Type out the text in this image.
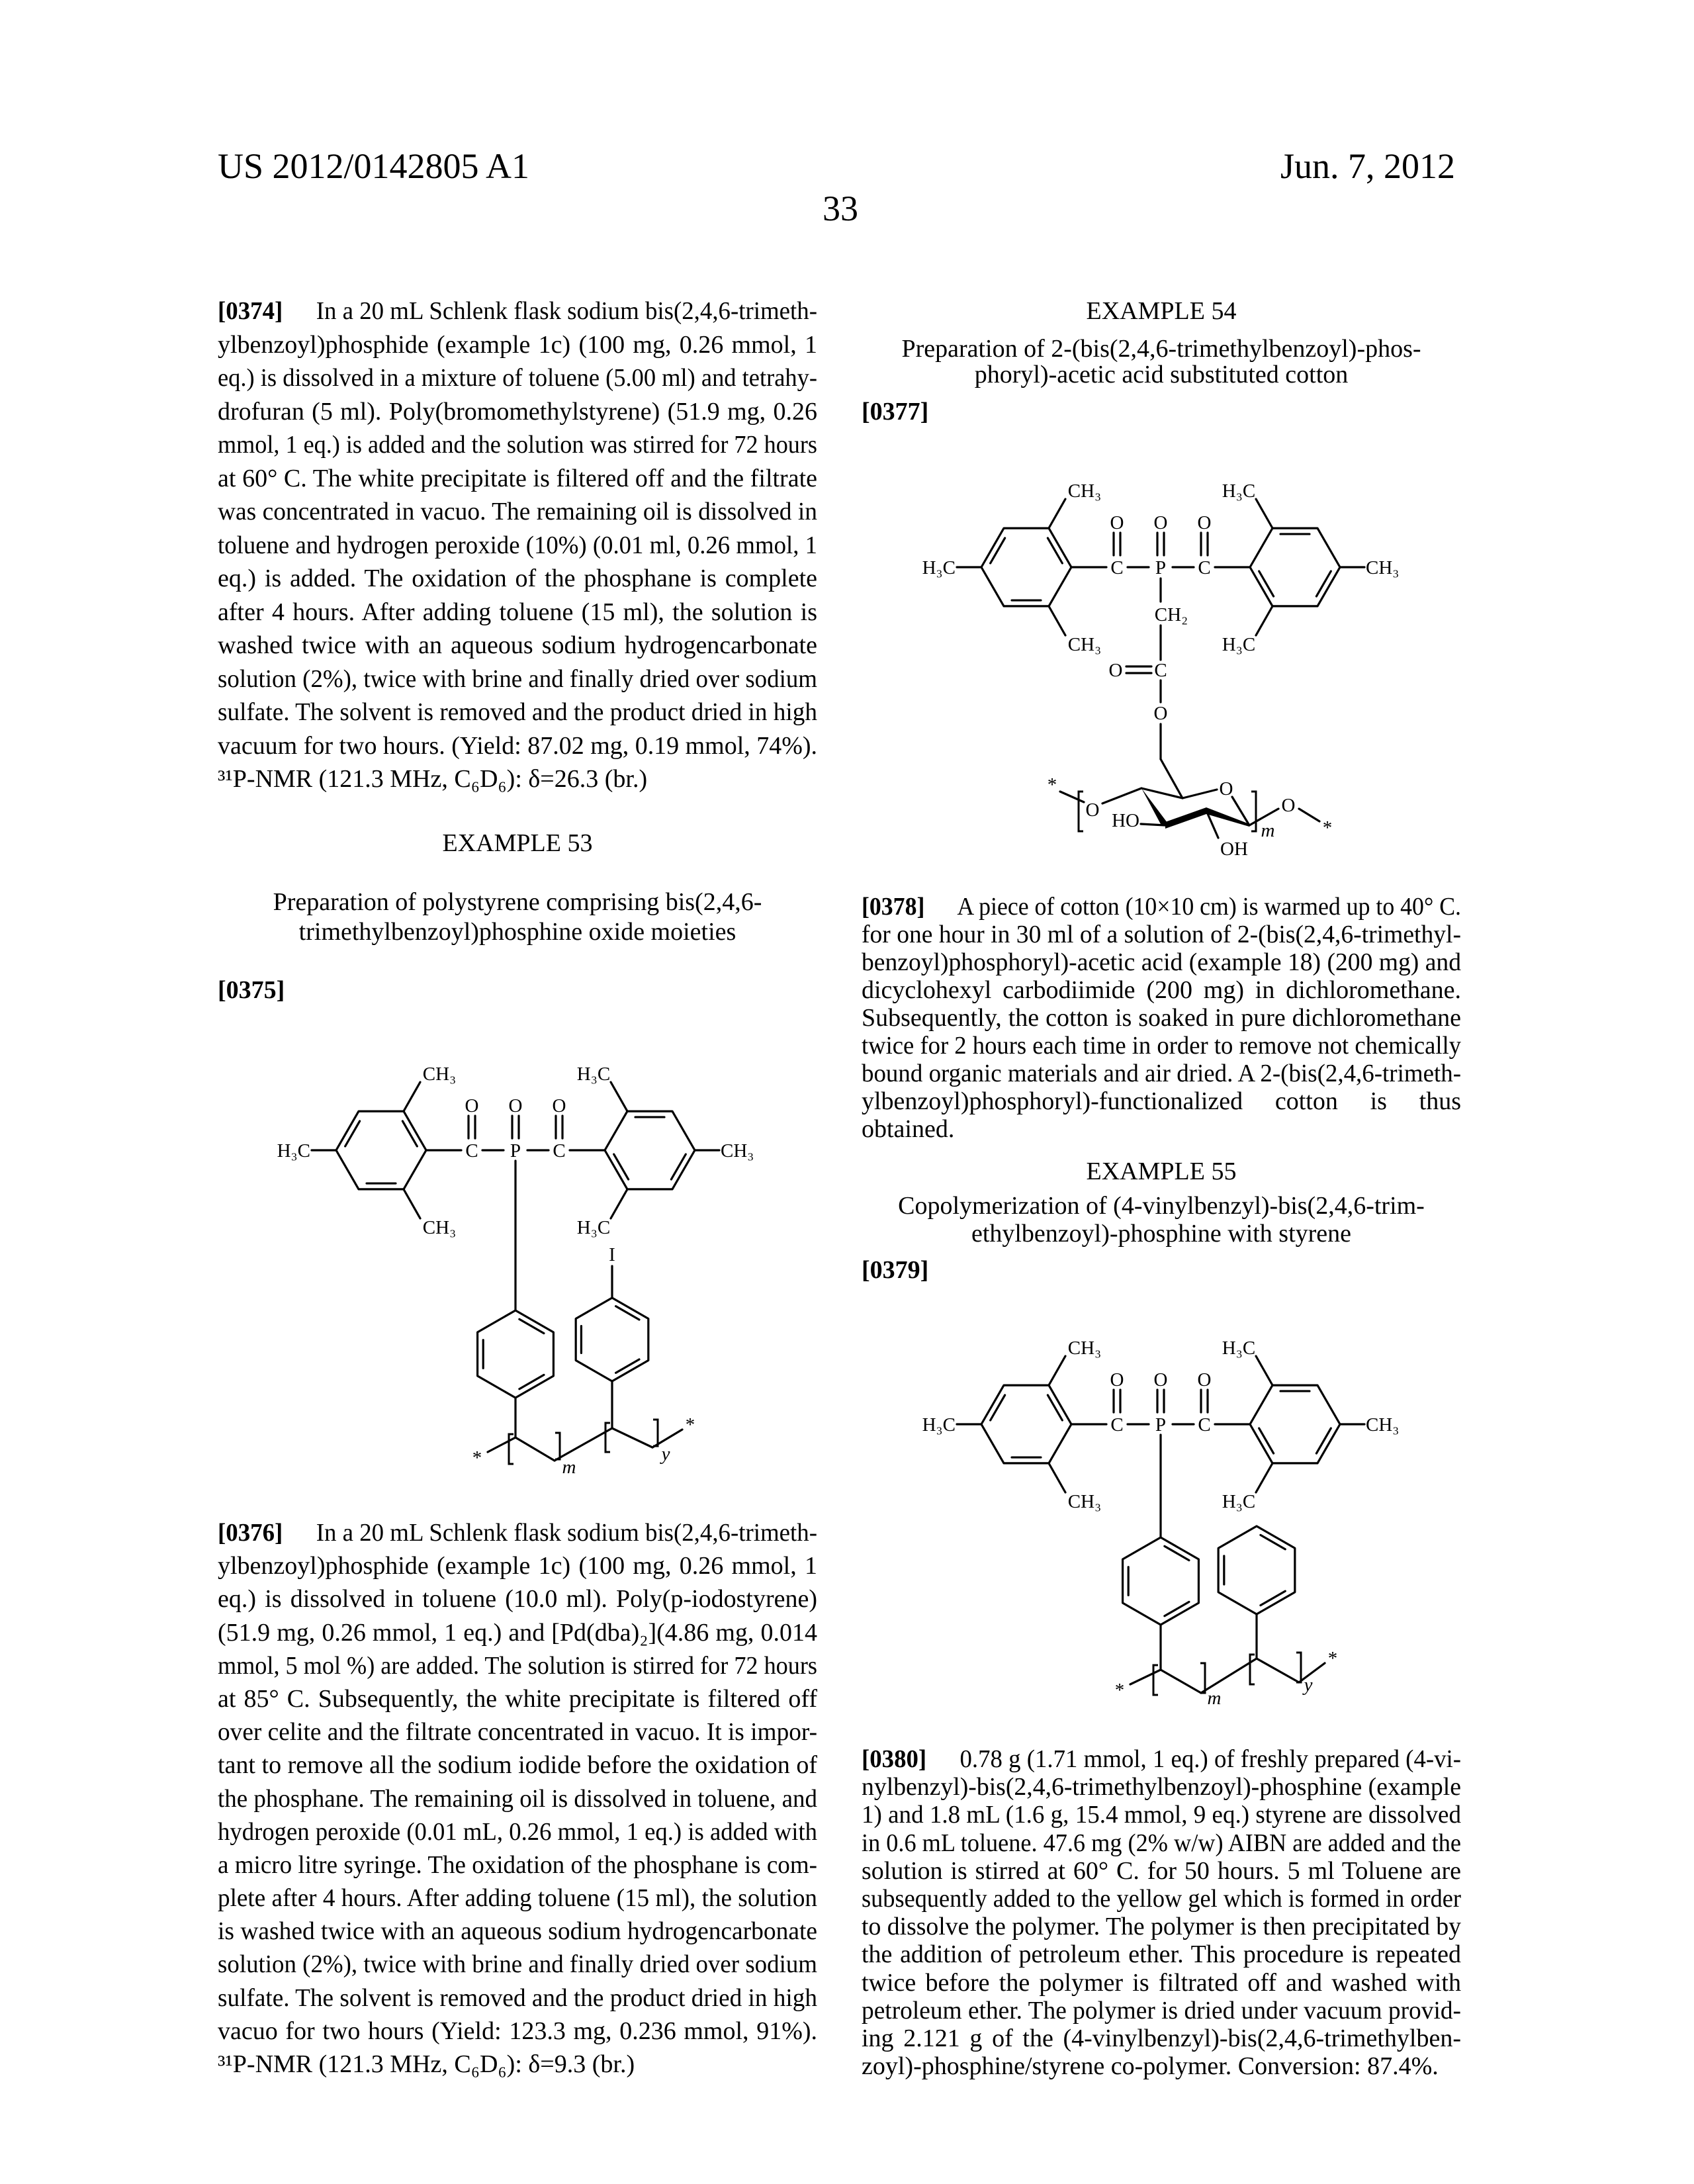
US 2012/0142805 A1
33
Jun. 7, 2012
[0374] In a 20 mL Schlenk flask sodium bis(2,4,6-trimeth-
ylbenzoyl)phosphide (example 1c) (100 mg, 0.26 mmol, 1
eq.) is dissolved in a mixture of toluene (5.00 ml) and tetrahy-
drofuran (5 ml). Poly(bromomethylstyrene) (51.9 mg, 0.26
mmol, 1 eq.) is added and the solution was stirred for 72 hours
at 60° C. The white precipitate is filtered off and the filtrate
was concentrated in vacuo. The remaining oil is dissolved in
toluene and hydrogen peroxide (10%) (0.01 ml, 0.26 mmol, 1
eq.) is added. The oxidation of the phosphane is complete
after 4 hours. After adding toluene (15 ml), the solution is
washed twice with an aqueous sodium hydrogencarbonate
solution (2%), twice with brine and finally dried over sodium
sulfate. The solvent is removed and the product dried in high
vacuum for two hours. (Yield: 87.02 mg, 0.19 mmol, 74%).
³¹P-NMR (121.3 MHz, C₆D₆): δ=26.3 (br.)
EXAMPLE 53
Preparation of polystyrene comprising bis(2,4,6-
trimethylbenzoyl)phosphine oxide moieties
[0375]
[0376] In a 20 mL Schlenk flask sodium bis(2,4,6-trimeth-
ylbenzoyl)phosphide (example 1c) (100 mg, 0.26 mmol, 1
eq.) is dissolved in toluene (10.0 ml). Poly(p-iodostyrene)
(51.9 mg, 0.26 mmol, 1 eq.) and [Pd(dba)₂](4.86 mg, 0.014
mmol, 5 mol %) are added. The solution is stirred for 72 hours
at 85° C. Subsequently, the white precipitate is filtered off
over celite and the filtrate concentrated in vacuo. It is impor-
tant to remove all the sodium iodide before the oxidation of
the phosphane. The remaining oil is dissolved in toluene, and
hydrogen peroxide (0.01 mL, 0.26 mmol, 1 eq.) is added with
a micro litre syringe. The oxidation of the phosphane is com-
plete after 4 hours. After adding toluene (15 ml), the solution
is washed twice with an aqueous sodium hydrogencarbonate
solution (2%), twice with brine and finally dried over sodium
sulfate. The solvent is removed and the product dried in high
vacuo for two hours (Yield: 123.3 mg, 0.236 mmol, 91%).
³¹P-NMR (121.3 MHz, C₆D₆): δ=9.3 (br.)
EXAMPLE 54
Preparation of 2-(bis(2,4,6-trimethylbenzoyl)-phos-
phoryl)-acetic acid substituted cotton
[0377]
[0378] A piece of cotton (10×10 cm) is warmed up to 40° C.
for one hour in 30 ml of a solution of 2-(bis(2,4,6-trimethyl-
benzoyl)phosphoryl)-acetic acid (example 18) (200 mg) and
dicyclohexyl carbodiimide (200 mg) in dichloromethane.
Subsequently, the cotton is soaked in pure dichloromethane
twice for 2 hours each time in order to remove not chemically
bound organic materials and air dried. A 2-(bis(2,4,6-trimeth-
ylbenzoyl)phosphoryl)-functionalized cotton is thus
obtained.
EXAMPLE 55
Copolymerization of (4-vinylbenzyl)-bis(2,4,6-trim-
ethylbenzoyl)-phosphine with styrene
[0379]
[0380] 0.78 g (1.71 mmol, 1 eq.) of freshly prepared (4-vi-
nylbenzyl)-bis(2,4,6-trimethylbenzoyl)-phosphine (example
1) and 1.8 mL (1.6 g, 15.4 mmol, 9 eq.) styrene are dissolved
in 0.6 mL toluene. 47.6 mg (2% w/w) AIBN are added and the
solution is stirred at 60° C. for 50 hours. 5 ml Toluene are
subsequently added to the yellow gel which is formed in order
to dissolve the polymer. The polymer is then precipitated by
the addition of petroleum ether. This procedure is repeated
twice before the polymer is filtrated off and washed with
petroleum ether. The polymer is dried under vacuum provid-
ing 2.121 g of the (4-vinylbenzyl)-bis(2,4,6-trimethylben-
zoyl)-phosphine/styrene co-polymer. Conversion: 87.4%.
C P C
O O O
H₃C	CH₃
CH₃
CH₃
H₃C
H₃C
*
*	m
y
I
C P C
O O O
H₃C	CH₃
CH₃
CH₃
H₃C
H₃C
CH₂
C
O
O
O
O HO
OH
O
*
*
m
C P C
O O O
H₃C	CH₃
CH₃
CH₃
H₃C
H₃C
*
*	m
y
